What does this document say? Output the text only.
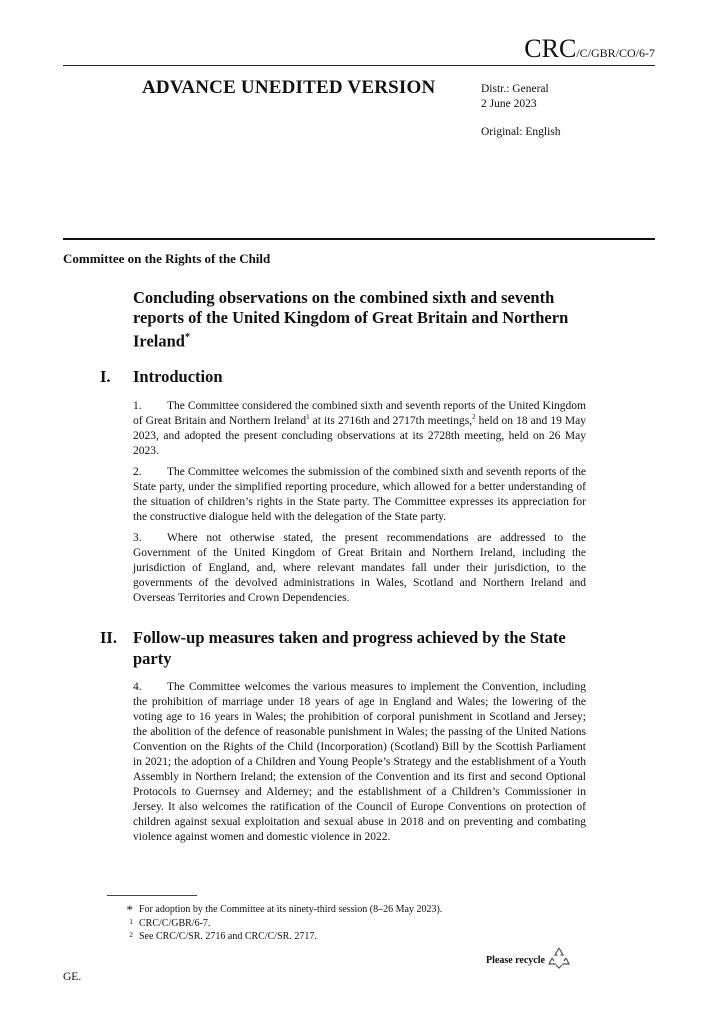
CRC/C/GBR/CO/6-7
ADVANCE UNEDITED VERSION	Distr.: General
2 June 2023
Original: English
Committee on the Rights of the Child
Concluding observations on the combined sixth and seventh reports of the United Kingdom of Great Britain and Northern Ireland*
I.	Introduction

1. The Committee considered the combined sixth and seventh reports of the United Kingdom of Great Britain and Northern Ireland$^1$ at its 2716th and 2717th meetings,$^2$ held on 18 and 19 May 2023, and adopted the present concluding observations at its 2728th meeting, held on 26 May 2023.

2. The Committee welcomes the submission of the combined sixth and seventh reports of the State party, under the simplified reporting procedure, which allowed for a better understanding of the situation of children’s rights in the State party. The Committee expresses its appreciation for the constructive dialogue held with the delegation of the State party.

3. Where not otherwise stated, the present recommendations are addressed to the Government of the United Kingdom of Great Britain and Northern Ireland, including the jurisdiction of England, and, where relevant mandates fall under their jurisdiction, to the governments of the devolved administrations in Wales, Scotland and Northern Ireland and Overseas Territories and Crown Dependencies.

II. Follow-up measures taken and progress achieved by the State party

4. The Committee welcomes the various measures to implement the Convention, including the prohibition of marriage under 18 years of age in England and Wales; the lowering of the voting age to 16 years in Wales; the prohibition of corporal punishment in Scotland and Jersey; the abolition of the defence of reasonable punishment in Wales; the passing of the United Nations Convention on the Rights of the Child (Incorporation) (Scotland) Bill by the Scottish Parliament in 2021; the adoption of a Children and Young People’s Strategy and the establishment of a Youth Assembly in Northern Ireland; the extension of the Convention and its first and second Optional Protocols to Guernsey and Alderney; and the establishment of a Children’s Commissioner in Jersey. It also welcomes the ratification of the Council of Europe Conventions on protection of children against sexual exploitation and sexual abuse in 2018 and on preventing and combating violence against women and domestic violence in 2022.

* For adoption by the Committee at its ninety-third session (8–26 May 2023).
1 CRC/C/GBR/6-7.
2 See CRC/C/SR. 2716 and CRC/C/SR. 2717.
GE.
Please recycle
